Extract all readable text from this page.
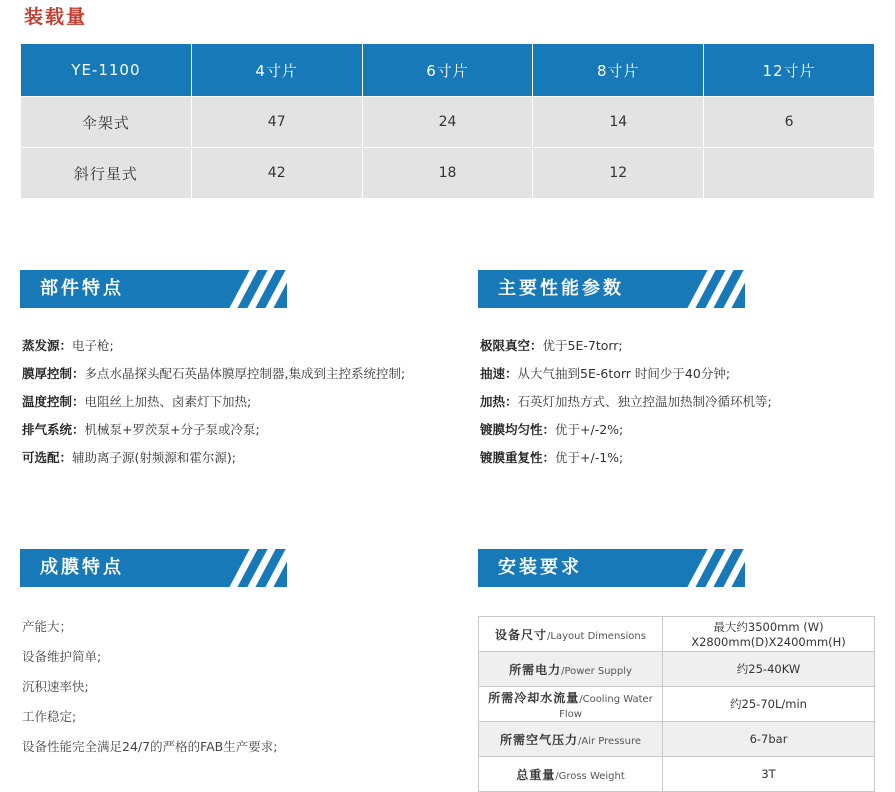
装载量
YE-1100	4寸片	6寸片	8寸片	12寸片
伞架式	47	24	14	6
斜行星式	42	18	12	
部件特点
蒸发源：电子枪;
膜厚控制：多点水晶探头配石英晶体膜厚控制器,集成到主控系统控制;
温度控制：电阻丝上加热、卤素灯下加热;
排气系统：机械泵+罗茨泵+分子泵或冷泵;
可选配：辅助离子源(射频源和霍尔源);
主要性能参数
极限真空：优于5E-7torr;
抽速：从大气抽到5E-6torr 时间少于40分钟;
加热：石英灯加热方式、独立控温加热制冷循环机等;
镀膜均匀性：优于+/-2%;
镀膜重复性：优于+/-1%;
成膜特点
产能大；
设备维护简单;
沉积速率快;
工作稳定;
设备性能完全满足24/7的严格的FAB生产要求;
安装要求
设备尺寸/Layout Dimensions	最大约3500mm (W) X2800mm(D)X2400mm(H)
所需电力/Power Supply	约25-40KW
所需冷却水流量/Cooling Water Flow	约25-70L/min
所需空气压力/Air Pressure	6-7bar
总重量/Gross Weight	3T
